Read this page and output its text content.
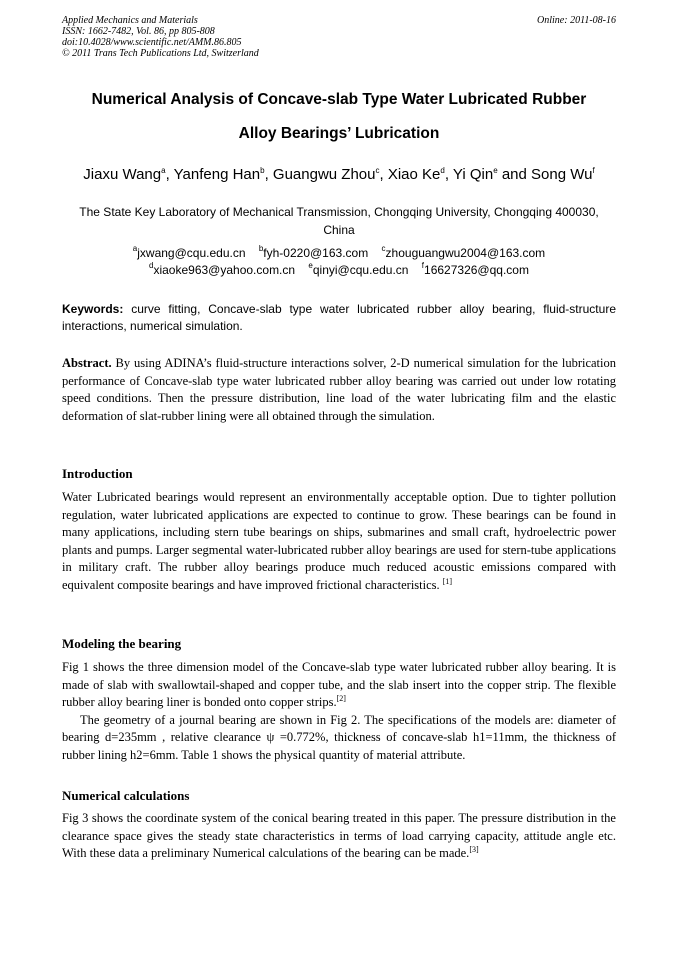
Applied Mechanics and Materials
ISSN: 1662-7482, Vol. 86, pp 805-808
doi:10.4028/www.scientific.net/AMM.86.805
© 2011 Trans Tech Publications Ltd, Switzerland
Online: 2011-08-16
Numerical Analysis of Concave-slab Type Water Lubricated Rubber
Alloy Bearings’ Lubrication
Jiaxu Wang$^a$, Yanfeng Han$^b$, Guangwu Zhou$^c$, Xiao Ke$^d$, Yi Qin$^e$ and Song Wu$^f$
The State Key Laboratory of Mechanical Transmission, Chongqing University, Chongqing 400030, China
$^a$jxwang@cqu.edu.cn $^b$fyh-0220@163.com $^c$zhouguangwu2004@163.com
$^d$xiaoke963@yahoo.com.cn $^e$qinyi@cqu.edu.cn $^f$16627326@qq.com
Keywords: curve fitting, Concave-slab type water lubricated rubber alloy bearing, fluid-structure interactions, numerical simulation.
Abstract. By using ADINA’s fluid-structure interactions solver, 2-D numerical simulation for the lubrication performance of Concave-slab type water lubricated rubber alloy bearing was carried out under low rotating speed conditions. Then the pressure distribution, line load of the water lubricating film and the elastic deformation of slat-rubber lining were all obtained through the simulation.
Introduction
Water Lubricated bearings would represent an environmentally acceptable option. Due to tighter pollution regulation, water lubricated applications are expected to continue to grow. These bearings can be found in many applications, including stern tube bearings on ships, submarines and small craft, hydroelectric power plants and pumps. Larger segmental water-lubricated rubber alloy bearings are used for stern-tube applications in military craft. The rubber alloy bearings produce much reduced acoustic emissions compared with equivalent composite bearings and have improved frictional characteristics. [1]
Modeling the bearing
Fig 1 shows the three dimension model of the Concave-slab type water lubricated rubber alloy bearing. It is made of slab with swallowtail-shaped and copper tube, and the slab insert into the copper strip. The flexible rubber alloy bearing liner is bonded onto copper strips.[2]
The geometry of a journal bearing are shown in Fig 2. The specifications of the models are: diameter of bearing d=235mm , relative clearance ψ =0.772%, thickness of concave-slab h1=11mm, the thickness of rubber lining h2=6mm. Table 1 shows the physical quantity of material attribute.
Numerical calculations
Fig 3 shows the coordinate system of the conical bearing treated in this paper. The pressure distribution in the clearance space gives the steady state characteristics in terms of load carrying capacity, attitude angle etc. With these data a preliminary Numerical calculations of the bearing can be made.[3]
